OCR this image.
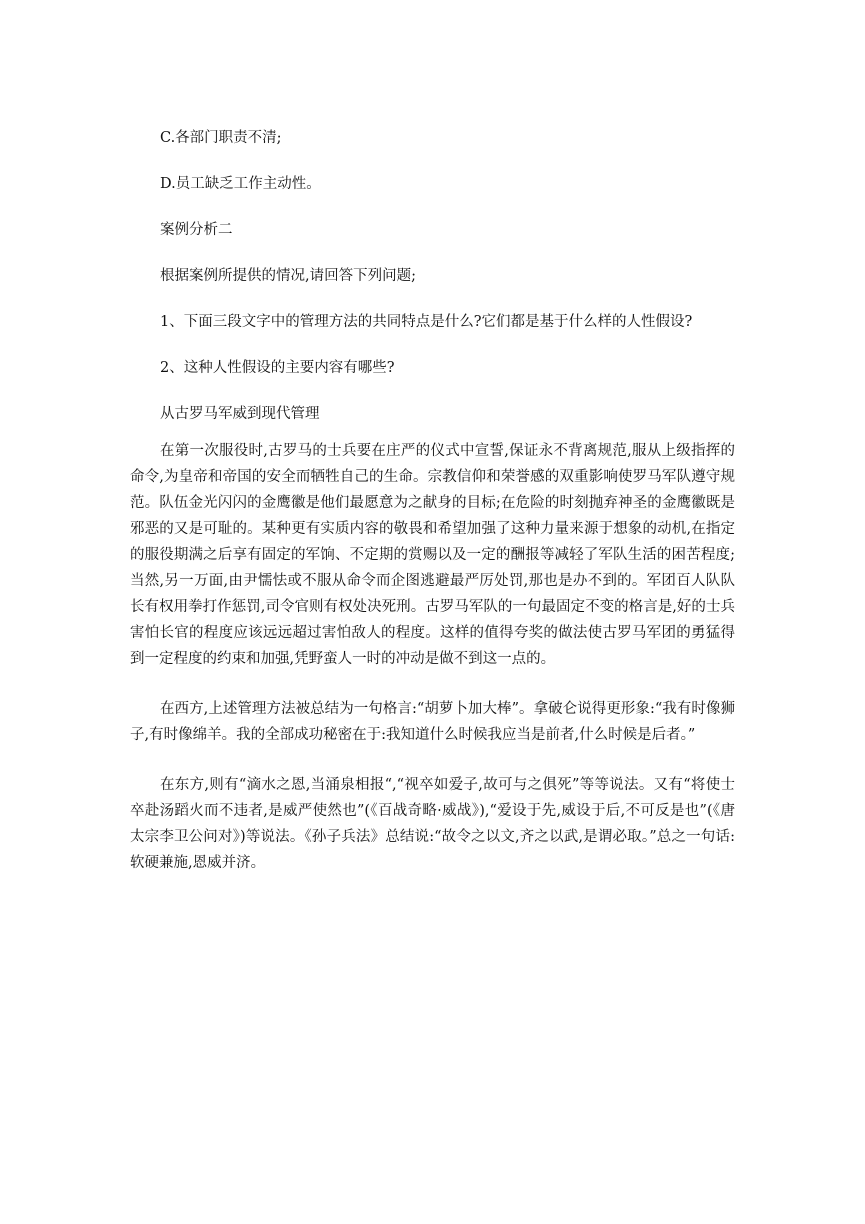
C.各部门职责不清;

D.员工缺乏工作主动性。

案例分析二

根据案例所提供的情况,请回答下列问题;

1、下面三段文字中的管理方法的共同特点是什么?它们都是基于什么样的人性假设?

2、这种人性假设的主要内容有哪些?

从古罗马军威到现代管理

在第一次服役时,古罗马的士兵要在庄严的仪式中宣誓,保证永不背离规范,服从上级指挥的命令,为皇帝和帝国的安全而牺牲自己的生命。宗教信仰和荣誉感的双重影响使罗马军队遵守规范。队伍金光闪闪的金鹰徽是他们最愿意为之献身的目标;在危险的时刻抛弃神圣的金鹰徽既是邪恶的又是可耻的。某种更有实质内容的敬畏和希望加强了这种力量来源于想象的动机,在指定的服役期满之后享有固定的军饷、不定期的赏赐以及一定的酬报等减轻了军队生活的困苦程度;当然,另一万面,由尹懦怯或不服从命令而企图逃避最严厉处罚,那也是办不到的。军团百人队队长有权用拳打作惩罚,司令官则有权处决死刑。古罗马军队的一句最固定不变的格言是,好的士兵害怕长官的程度应该远远超过害怕敌人的程度。这样的值得夸奖的做法使古罗马军团的勇猛得到一定程度的约束和加强,凭野蛮人一时的冲动是做不到这一点的。

在西方,上述管理方法被总结为一句格言:“胡萝卜加大棒”。拿破仑说得更形象:“我有时像狮子,有时像绵羊。我的全部成功秘密在于:我知道什么时候我应当是前者,什么时候是后者。”

在东方,则有“滴水之恩,当涌泉相报“,“视卒如爱子,故可与之俱死”等等说法。又有“将使士卒赴汤蹈火而不违者,是威严使然也”(《百战奇略·威战》),“爱设于先,威设于后,不可反是也”(《唐太宗李卫公问对》)等说法。《孙子兵法》总结说:“故令之以文,齐之以武,是谓必取。”总之一句话:软硬兼施,恩威并济。
